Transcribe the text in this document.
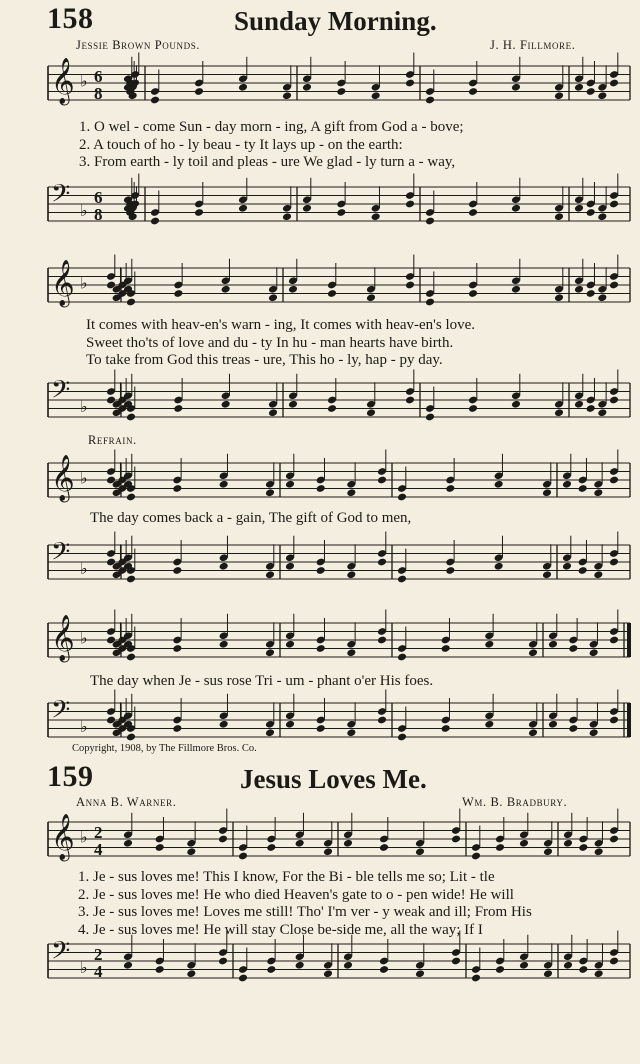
158	Sunday Morning.
Jessie Brown Pounds.	J. H. Fillmore.
𝄞 ♭ 6
8
1. O wel - come Sun - day morn - ing, A gift from God a - bove;
2. A touch of ho - ly beau - ty It lays up - on the earth:
3. From earth - ly toil and pleas - ure We glad - ly turn a - way,
𝄢 ♭
6
8
𝄞 ♭
It comes with heav-en's warn - ing, It comes with heav-en's love.
Sweet tho'ts of love and du - ty In hu - man hearts have birth.
To take from God this treas - ure, This ho - ly, hap - py day.
𝄢 ♭
Refrain.
𝄞 ♭
The day comes back a - gain, The gift of God to men,
𝄢 ♭
𝄞 ♭
The day when Je - sus rose Tri - um - phant o'er His foes.
𝄢 ♭
Copyright, 1908, by The Fillmore Bros. Co.
159	Jesus Loves Me.
Anna B. Warner.	Wm. B. Bradbury.
𝄞 ♭ 2
4
1. Je - sus loves me! This I know, For the Bi - ble tells me so; Lit - tle
2. Je - sus loves me! He who died Heaven's gate to o - pen wide! He will
3. Je - sus loves me! Loves me still! Tho' I'm ver - y weak and ill; From His
4. Je - sus loves me! He will stay Close be-side me, all the way; If I
𝄢 ♭
2
4
